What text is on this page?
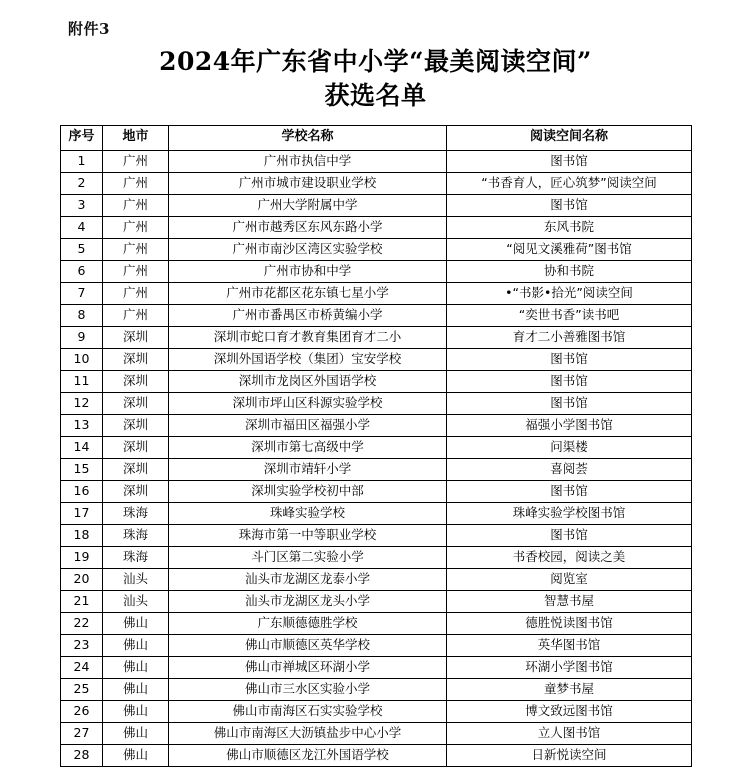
附件3
2024年广东省中小学“最美阅读空间”
获选名单
序号	地市	学校名称	阅读空间名称
1	广州	广州市执信中学	图书馆
2	广州	广州市城市建设职业学校	“书香育人，匠心筑梦”阅读空间
3	广州	广州大学附属中学	图书馆
4	广州	广州市越秀区东风东路小学	东风书院
5	广州	广州市南沙区湾区实验学校	“阅见文溪雅荷”图书馆
6	广州	广州市协和中学	协和书院
7	广州	广州市花都区花东镇七星小学	•“书影•拾光”阅读空间
8	广州	广州市番禺区市桥黄编小学	“奕世书香”读书吧
9	深圳	深圳市蛇口育才教育集团育才二小	育才二小善雅图书馆
10	深圳	深圳外国语学校（集团）宝安学校	图书馆
11	深圳	深圳市龙岗区外国语学校	图书馆
12	深圳	深圳市坪山区科源实验学校	图书馆
13	深圳	深圳市福田区福强小学	福强小学图书馆
14	深圳	深圳市第七高级中学	问渠楼
15	深圳	深圳市靖轩小学	喜阅荟
16	深圳	深圳实验学校初中部	图书馆
17	珠海	珠峰实验学校	珠峰实验学校图书馆
18	珠海	珠海市第一中等职业学校	图书馆
19	珠海	斗门区第二实验小学	书香校园，阅读之美
20	汕头	汕头市龙湖区龙泰小学	阅览室
21	汕头	汕头市龙湖区龙头小学	智慧书屋
22	佛山	广东顺德德胜学校	德胜悦读图书馆
23	佛山	佛山市顺德区英华学校	英华图书馆
24	佛山	佛山市禅城区环湖小学	环湖小学图书馆
25	佛山	佛山市三水区实验小学	童梦书屋
26	佛山	佛山市南海区石实实验学校	博文致远图书馆
27	佛山	佛山市南海区大沥镇盐步中心小学	立人图书馆
28	佛山	佛山市顺德区龙江外国语学校	日新悦读空间
